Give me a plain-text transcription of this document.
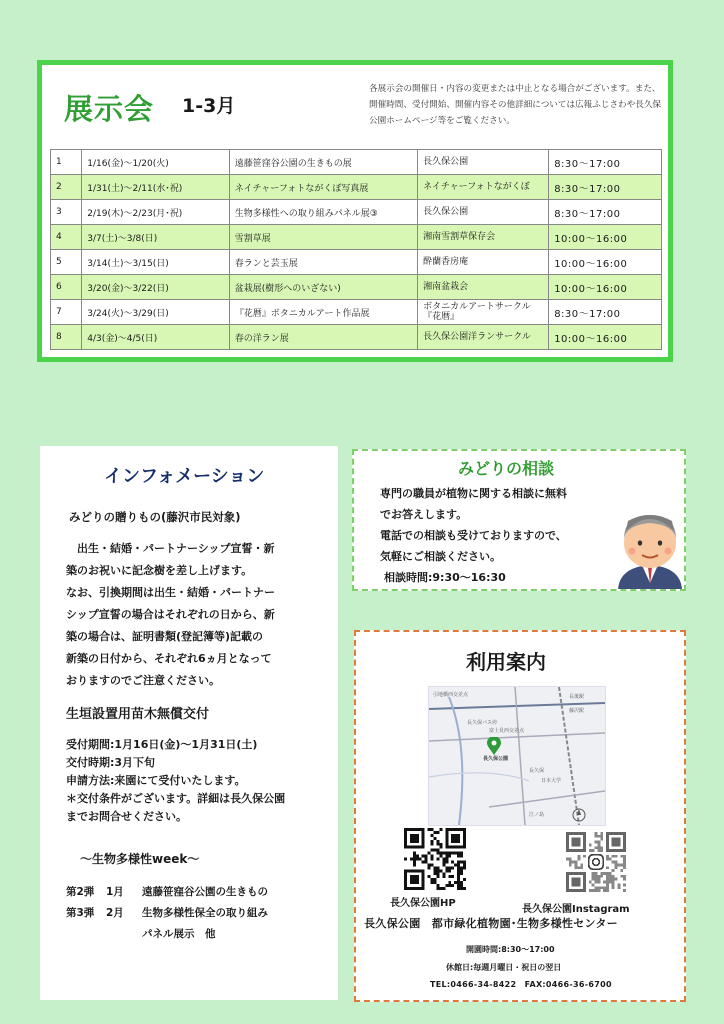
展示会 1-3月
各展示会の開催日・内容の変更または中止となる場合がございます。また、開催時間、受付開始、開催内容その他詳細については広報ふじさわや長久保公園ホームページ等をご覧ください。
1	1/16(金)～1/20(火)	遠藤笹窪谷公園の生きもの展	長久保公園	8:30～17:00
2	1/31(土)～2/11(水･祝)	ネイチャーフォトながくぼ写真展	ネイチャーフォトながくぼ	8:30～17:00
3	2/19(木)～2/23(月･祝)	生物多様性への取り組みパネル展③	長久保公園	8:30～17:00
4	3/7(土)～3/8(日)	雪割草展	湘南雪割草保存会	10:00～16:00
5	3/14(土)～3/15(日)	春ランと芸玉展	酔蘭香房庵	10:00～16:00
6	3/20(金)～3/22(日)	盆栽展(樹形へのいざない)	湘南盆栽会	10:00～16:00
7	3/24(火)～3/29(日)	『花暦』ボタニカルアート作品展	ボタニカルアートサークル『花暦』	8:30～17:00
8	4/3(金)～4/5(日)	春の洋ラン展	長久保公園洋ランサークル	10:00～16:00
インフォメーション
みどりの贈りもの(藤沢市民対象)
　出生・結婚・パートナーシップ宣誓・新
築のお祝いに記念樹を差し上げます。
なお、引換期間は出生・結婚・パートナー
シップ宣誓の場合はそれぞれの日から、新
築の場合は、証明書類(登記簿等)記載の
新築の日付から、それぞれ6ヵ月となって
おりますのでご注意ください。
生垣設置用苗木無償交付
受付期間:1月16日(金)～1月31日(土)
交付時期:3月下旬
申請方法:来園にて受付いたします。
＊交付条件がございます。詳細は長久保公園
までお問合せください。
～生物多様性week～
第2弾 1月 遠藤笹窪谷公園の生きもの
第3弾 2月 生物多様性保全の取り組み
パネル展示　他
みどりの相談
専門の職員が植物に関する相談に無料
でお答えします。
電話での相談も受けておりますので、
気軽にご相談ください。
相談時間:9:30～16:30
利用案内
引地橋西交差点
長久保バス停
長後駅
藤沢駅
富士見西交差点
江ノ島
長久保
日本大学
長久保公園
長久保公園HP
長久保公園Instagram
長久保公園　都市緑化植物園･生物多様性センター
開園時間:8:30～17:00
休館日:毎週月曜日・祝日の翌日
TEL:0466-34-8422　FAX:0466-36-6700
